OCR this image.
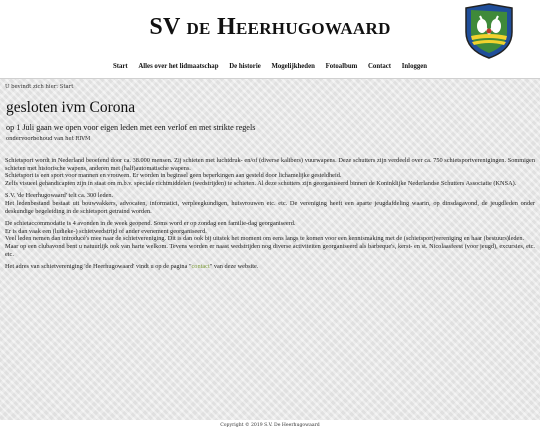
SV de Heerhugowaard
Start Alles over het lidmaatschap De historie Mogelijkheden Fotoalbum Contact Inloggen
U bevindt zich hier: Start
gesloten ivm Corona
op 1 Juli gaan we open voor eigen leden met een verlof en met strikte regels
ondervoorbehoud van het RIVM

Schietsport wordt in Nederland beoefend door ca. 38.000 mensen. Zij schieten met luchtdruk- en/of (diverse kalibers) vuurwapens. Deze schutters zijn verdeeld over ca. 750 schietsportverenigingen. Sommigen schieten met historische wapens, anderen met (half)automatische wapens.
Schietsport is een sport voor mannen en vrouwen. Er worden in beginsel geen beperkingen aan gesteld door lichamelijke gesteldheid.
Zelfs visueel gehandicapten zijn in staat om m.b.v. speciale richtmiddelen (wedstrijden) te schieten. Al deze schutters zijn georganiseerd binnen de Koninklijke Nederlandse Schutters Associatie (KNSA).

S.V. 'de Heerhugowaard' telt ca. 300 leden.
Het ledenbestand bestaat uit bouwvakkers, advocaten, informatici, verpleegkundigen, huisvrouwen etc. etc. De vereniging heeft een aparte jeugdafdeling waarin, op dinsdagavond, de jeugdleden onder deskundige begeleiding in de schietsport getraind worden.

De schietaccommodatie is 4 avonden in de week geopend. Soms word er op zondag een familie-dag georganiseerd.
Er is dan vaak een (ludieke-) schietwedstrijd of ander evenement georganiseerd.
Veel leden nemen dan introducé's mee naar de schietvereniging. Dit is dan ook bij uitstek het moment om eens langs te komen voor een kennismaking met de (schietsport)vereniging en haar (bestuurs)leden.
Maar op een clubavond bent u natuurlijk ook van harte welkom. Tevens worden er naast wedstrijden nog diverse activiteiten georganiseerd als barbeque's, kerst- en st. Nicolaasfeest (voor jeugd), excursies, etc. etc.

Het adres van schietvereniging 'de Heerhugowaard' vindt u op de pagina "contact" van deze website.

Copyright © 2019 S.V. De Heerhugowaard
